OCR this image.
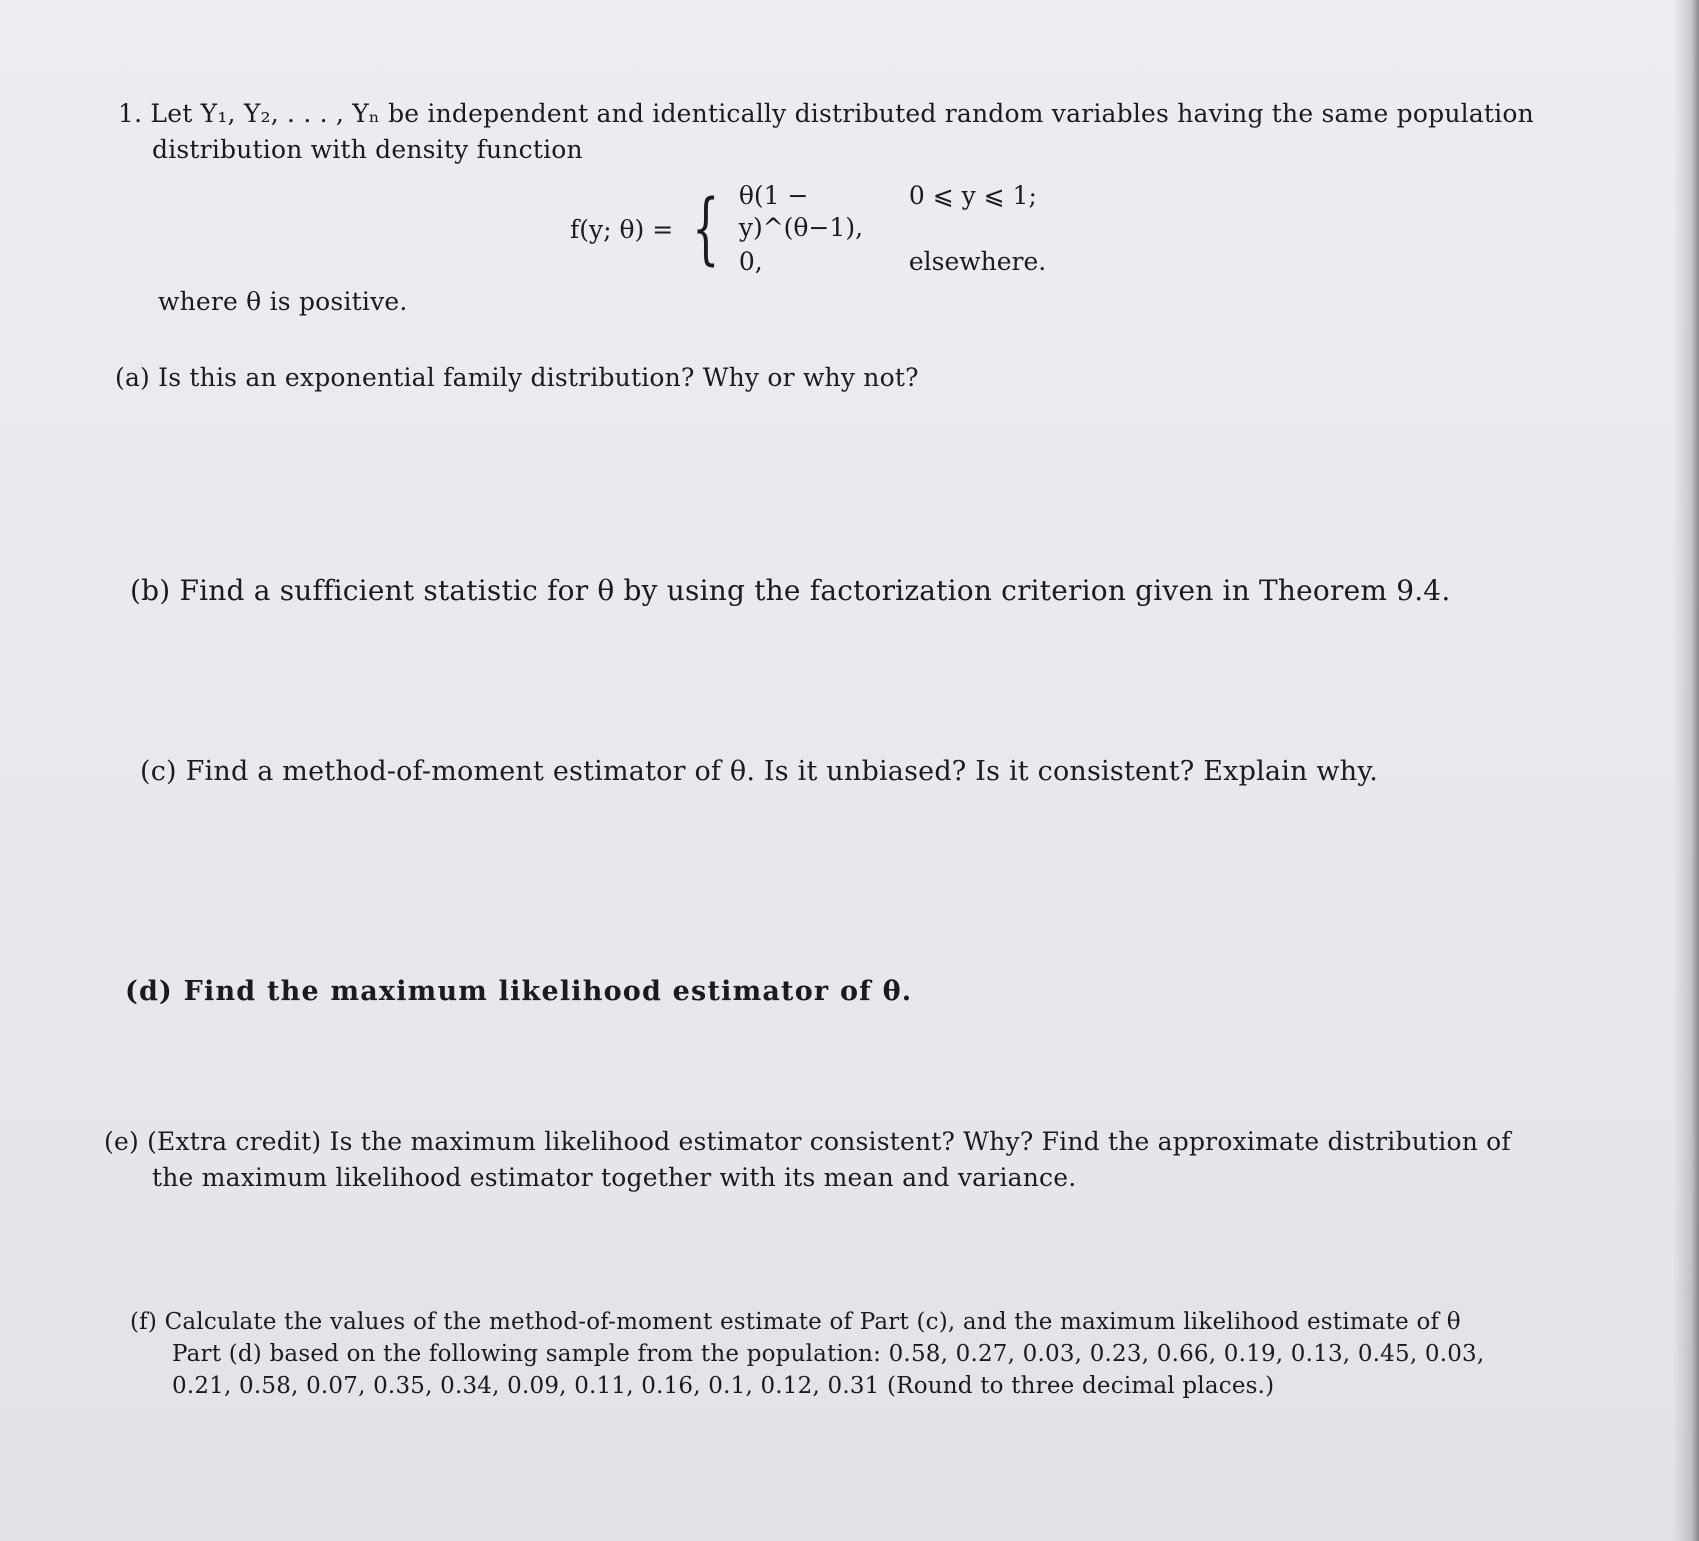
1. Let Y₁, Y₂, . . . , Yₙ be independent and identically distributed random variables having the same population
distribution with density function
f(y; θ) = { θ(1 − y)^(θ−1),
0 ⩽ y ⩽ 1;
0,	elsewhere.
where θ is positive.
(a) Is this an exponential family distribution? Why or why not?
(b) Find a sufficient statistic for θ by using the factorization criterion given in Theorem 9.4.
(c) Find a method-of-moment estimator of θ. Is it unbiased? Is it consistent? Explain why.
(d) Find the maximum likelihood estimator of θ.
(e) (Extra credit) Is the maximum likelihood estimator consistent? Why? Find the approximate distribution of
the maximum likelihood estimator together with its mean and variance.
(f) Calculate the values of the method-of-moment estimate of Part (c), and the maximum likelihood estimate of θ
Part (d) based on the following sample from the population: 0.58, 0.27, 0.03, 0.23, 0.66, 0.19, 0.13, 0.45, 0.03,
0.21, 0.58, 0.07, 0.35, 0.34, 0.09, 0.11, 0.16, 0.1, 0.12, 0.31 (Round to three decimal places.)
